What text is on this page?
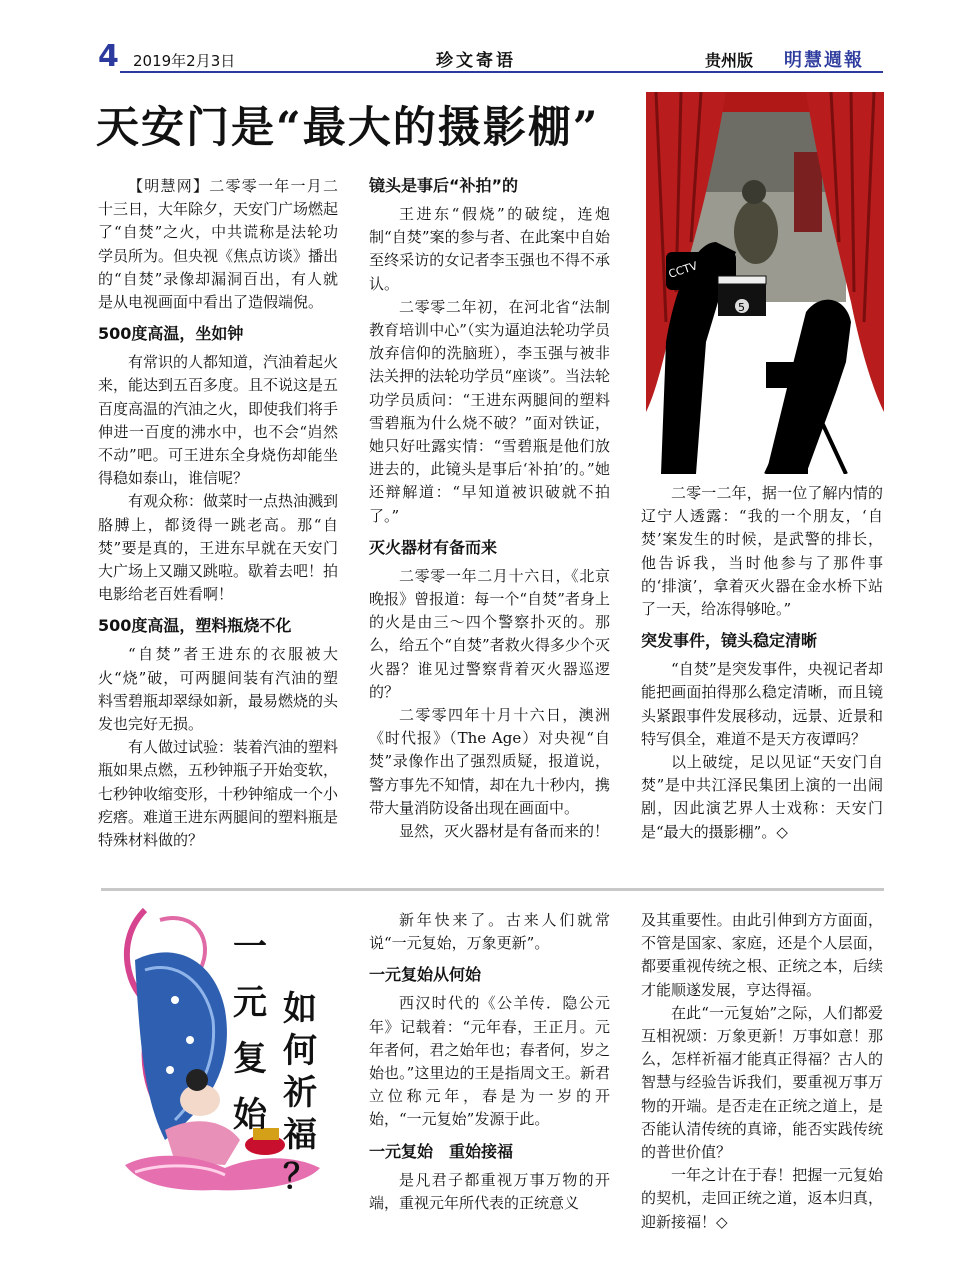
4 2019年2月3日	珍文寄语	贵州版 明慧週報
天安门是“最大的摄影棚”
CCTV
5

【明慧网】二零零一年一月二十三日，大年除夕，天安门广场燃起了“自焚”之火，中共谎称是法轮功学员所为。但央视《焦点访谈》播出的“自焚”录像却漏洞百出，有人就是从电视画面中看出了造假端倪。

500度高温，坐如钟

有常识的人都知道，汽油着起火来，能达到五百多度。且不说这是五百度高温的汽油之火，即使我们将手伸进一百度的沸水中，也不会“岿然不动”吧。可王进东全身烧伤却能坐得稳如泰山，谁信呢？

有观众称：做菜时一点热油溅到胳膊上，都烫得一跳老高。那“自焚”要是真的，王进东早就在天安门大广场上又蹦又跳啦。歇着去吧！拍电影给老百姓看啊！

500度高温，塑料瓶烧不化

“自焚”者王进东的衣服被大火“烧”破，可两腿间装有汽油的塑料雪碧瓶却翠绿如新，最易燃烧的头发也完好无损。

有人做过试验：装着汽油的塑料瓶如果点燃，五秒钟瓶子开始变软，七秒钟收缩变形，十秒钟缩成一个小疙瘩。难道王进东两腿间的塑料瓶是特殊材料做的？

镜头是事后“补拍”的

王进东“假烧”的破绽，连炮制“自焚”案的参与者、在此案中自始至终采访的女记者李玉强也不得不承认。

二零零二年初，在河北省“法制教育培训中心”（实为逼迫法轮功学员放弃信仰的洗脑班），李玉强与被非法关押的法轮功学员“座谈”。当法轮功学员质问：“王进东两腿间的塑料雪碧瓶为什么烧不破？”面对铁证，她只好吐露实情：“雪碧瓶是他们放进去的，此镜头是事后‘补拍’的。”她还辩解道：“早知道被识破就不拍了。”

灭火器材有备而来

二零零一年二月十六日，《北京晚报》曾报道：每一个“自焚”者身上的火是由三～四个警察扑灭的。那么，给五个“自焚”者救火得多少个灭火器？谁见过警察背着灭火器巡逻的？

二零零四年十月十六日，澳洲《时代报》（The Age）对央视“自焚”录像作出了强烈质疑，报道说，警方事先不知情，却在九十秒内，携带大量消防设备出现在画面中。

显然，灭火器材是有备而来的！

二零一二年，据一位了解内情的辽宁人透露：“我的一个朋友，‘自焚’案发生的时候，是武警的排长，他告诉我，当时他参与了那件事的‘排演’，拿着灭火器在金水桥下站了一天，给冻得够呛。”

突发事件，镜头稳定清晰

“自焚”是突发事件，央视记者却能把画面拍得那么稳定清晰，而且镜头紧跟事件发展移动，远景、近景和特写俱全，难道不是天方夜谭吗？

以上破绽，足以见证“天安门自焚”是中共江泽民集团上演的一出闹剧，因此演艺界人士戏称：天安门是“最大的摄影棚”。◇

一元复始
如何祈福？

新年快来了。古来人们就常说“一元复始，万象更新”。

一元复始从何始

西汉时代的《公羊传．隐公元年》记载着：“元年春，王正月。元年者何，君之始年也；春者何，岁之始也。”这里边的王是指周文王。新君立位称元年，春是为一岁的开始，“一元复始”发源于此。

一元复始　重始接福

是凡君子都重视万事万物的开端，重视元年所代表的正统意义

及其重要性。由此引伸到方方面面，不管是国家、家庭，还是个人层面，都要重视传统之根、正统之本，后续才能顺遂发展，亨达得福。

在此“一元复始”之际，人们都爱互相祝颂：万象更新！万事如意！那么，怎样祈福才能真正得福？古人的智慧与经验告诉我们，要重视万事万物的开端。是否走在正统之道上，是否能认清传统的真谛，能否实践传统的普世价值？

一年之计在于春！把握一元复始的契机，走回正统之道，返本归真，迎新接福！◇
